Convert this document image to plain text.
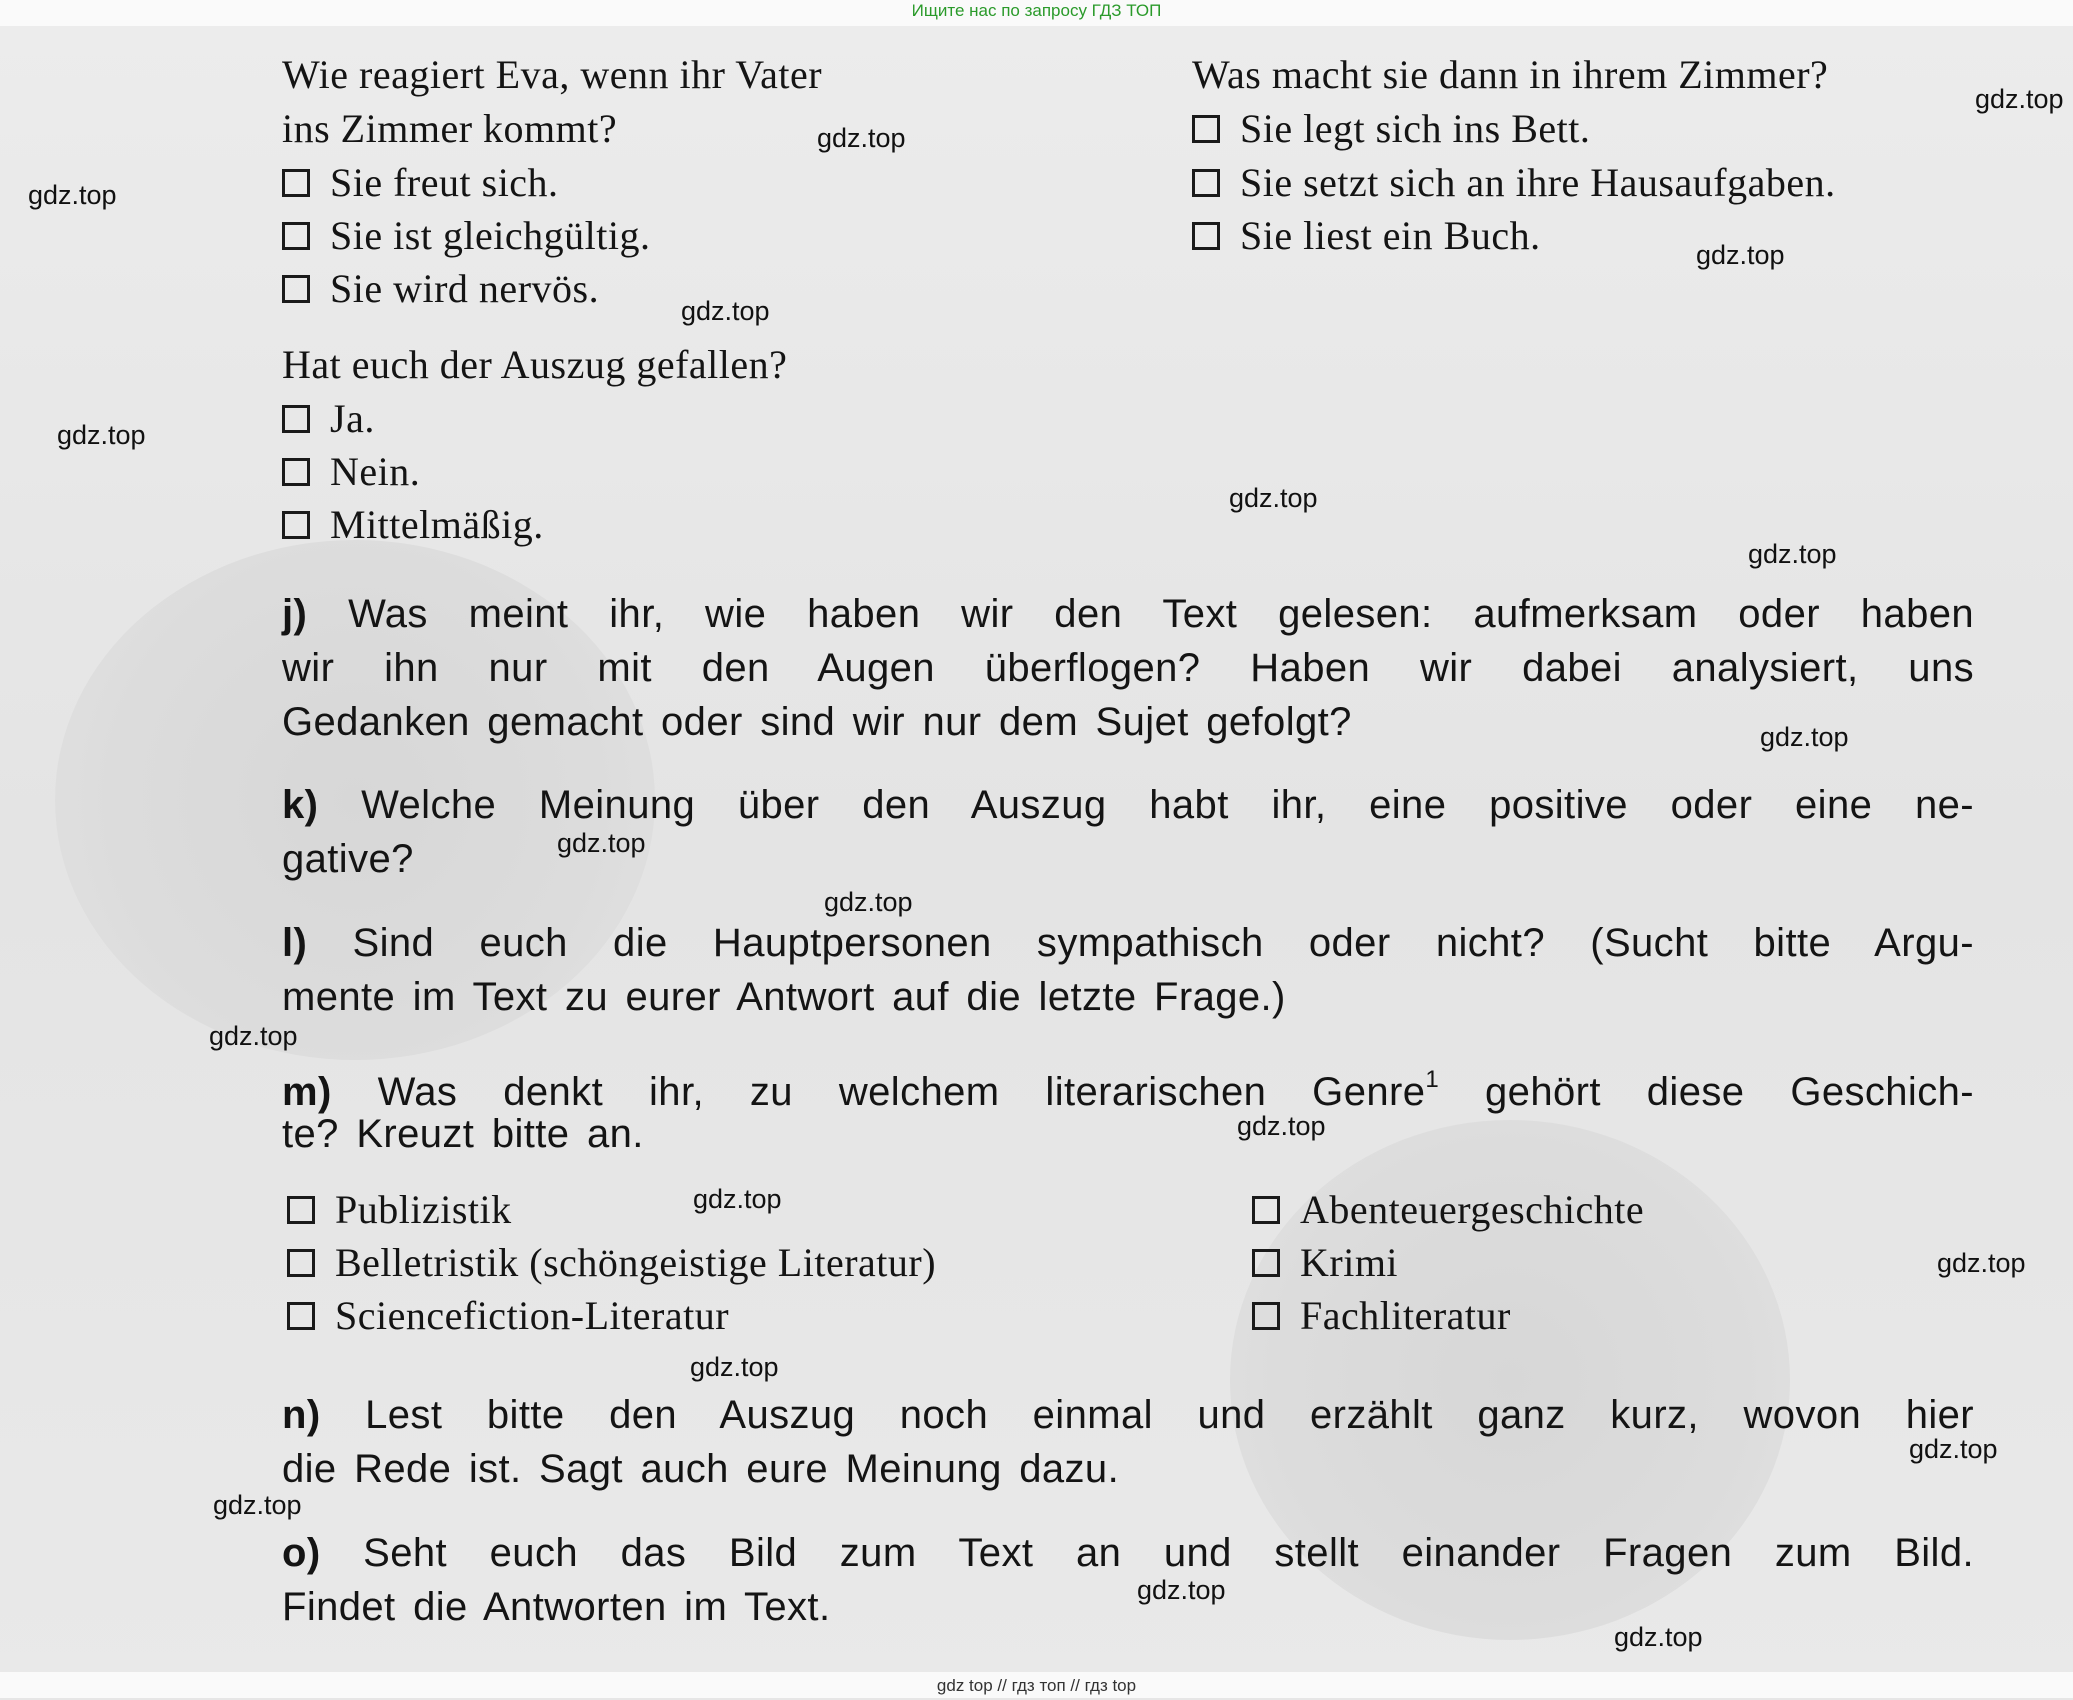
Ищите нас по запросу ГДЗ ТОП
Wie reagiert Eva, wenn ihr Vater
ins Zimmer kommt?
Sie freut sich.
Sie ist gleichgültig.
Sie wird nervös.
Was macht sie dann in ihrem Zimmer?
Sie legt sich ins Bett.
Sie setzt sich an ihre Hausaufgaben.
Sie liest ein Buch.
Hat euch der Auszug gefallen?
Ja.
Nein.
Mittelmäßig.
j) Was meint ihr, wie haben wir den Text gelesen: aufmerksam oder haben
wir ihn nur mit den Augen überflogen? Haben wir dabei analysiert, uns
Gedanken gemacht oder sind wir nur dem Sujet gefolgt?
k) Welche Meinung über den Auszug habt ihr, eine positive oder eine ne-
gative?
l) Sind euch die Hauptpersonen sympathisch oder nicht? (Sucht bitte Argu-
mente im Text zu eurer Antwort auf die letzte Frage.)
m) Was denkt ihr, zu welchem literarischen Genre$^1$ gehört diese Geschich-
te? Kreuzt bitte an.
Publizistik
Belletristik (schöngeistige Literatur)
Sciencefiction-Literatur
Abenteuergeschichte
Krimi
Fachliteratur
n) Lest bitte den Auszug noch einmal und erzählt ganz kurz, wovon hier
die Rede ist. Sagt auch eure Meinung dazu.
o) Seht euch das Bild zum Text an und stellt einander Fragen zum Bild.
Findet die Antworten im Text.
gdz.top
gdz.top
gdz.top
gdz.top
gdz.top
gdz.top
gdz.top
gdz.top
gdz.top
gdz.top
gdz.top
gdz.top
gdz.top
gdz.top
gdz.top
gdz.top
gdz.top
gdz.top
gdz.top
gdz.top
gdz top // гдз топ // гдз top
